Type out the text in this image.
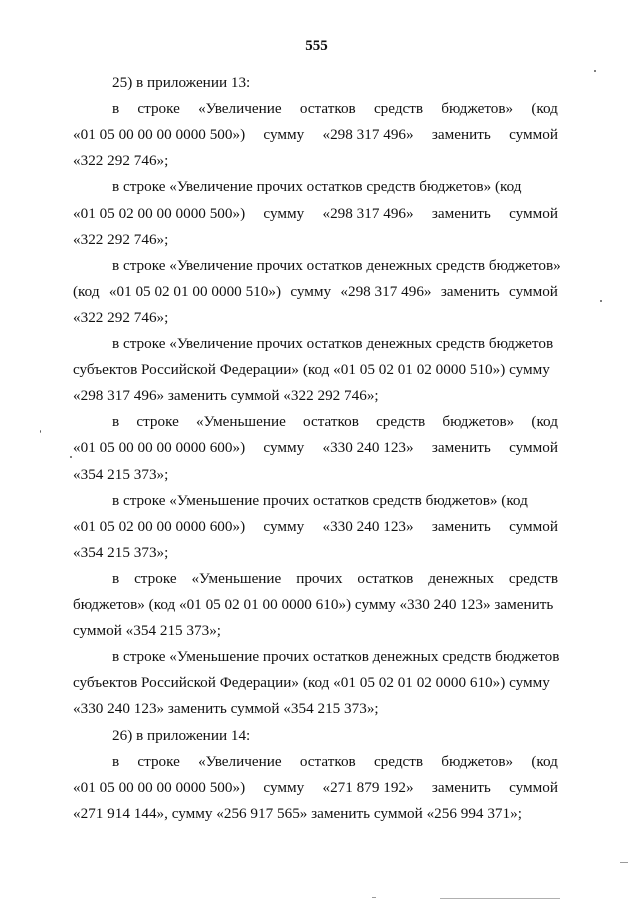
555
25) в приложении 13:
в строке «Увеличение остатков средств бюджетов» (код
«01 05 00 00 00 0000 500») сумму «298 317 496» заменить суммой
«322 292 746»;
в строке «Увеличение прочих остатков средств бюджетов» (код
«01 05 02 00 00 0000 500») сумму «298 317 496» заменить суммой
«322 292 746»;
в строке «Увеличение прочих остатков денежных средств бюджетов»
(код «01 05 02 01 00 0000 510») сумму «298 317 496» заменить суммой
«322 292 746»;
в строке «Увеличение прочих остатков денежных средств бюджетов
субъектов Российской Федерации» (код «01 05 02 01 02 0000 510») сумму
«298 317 496» заменить суммой «322 292 746»;
в строке «Уменьшение остатков средств бюджетов» (код
«01 05 00 00 00 0000 600») сумму «330 240 123» заменить суммой
«354 215 373»;
в строке «Уменьшение прочих остатков средств бюджетов» (код
«01 05 02 00 00 0000 600») сумму «330 240 123» заменить суммой
«354 215 373»;
в строке «Уменьшение прочих остатков денежных средств
бюджетов» (код «01 05 02 01 00 0000 610») сумму «330 240 123» заменить
суммой «354 215 373»;
в строке «Уменьшение прочих остатков денежных средств бюджетов
субъектов Российской Федерации» (код «01 05 02 01 02 0000 610») сумму
«330 240 123» заменить суммой «354 215 373»;
26) в приложении 14:
в строке «Увеличение остатков средств бюджетов» (код
«01 05 00 00 00 0000 500») сумму «271 879 192» заменить суммой
«271 914 144», сумму «256 917 565» заменить суммой «256 994 371»;
